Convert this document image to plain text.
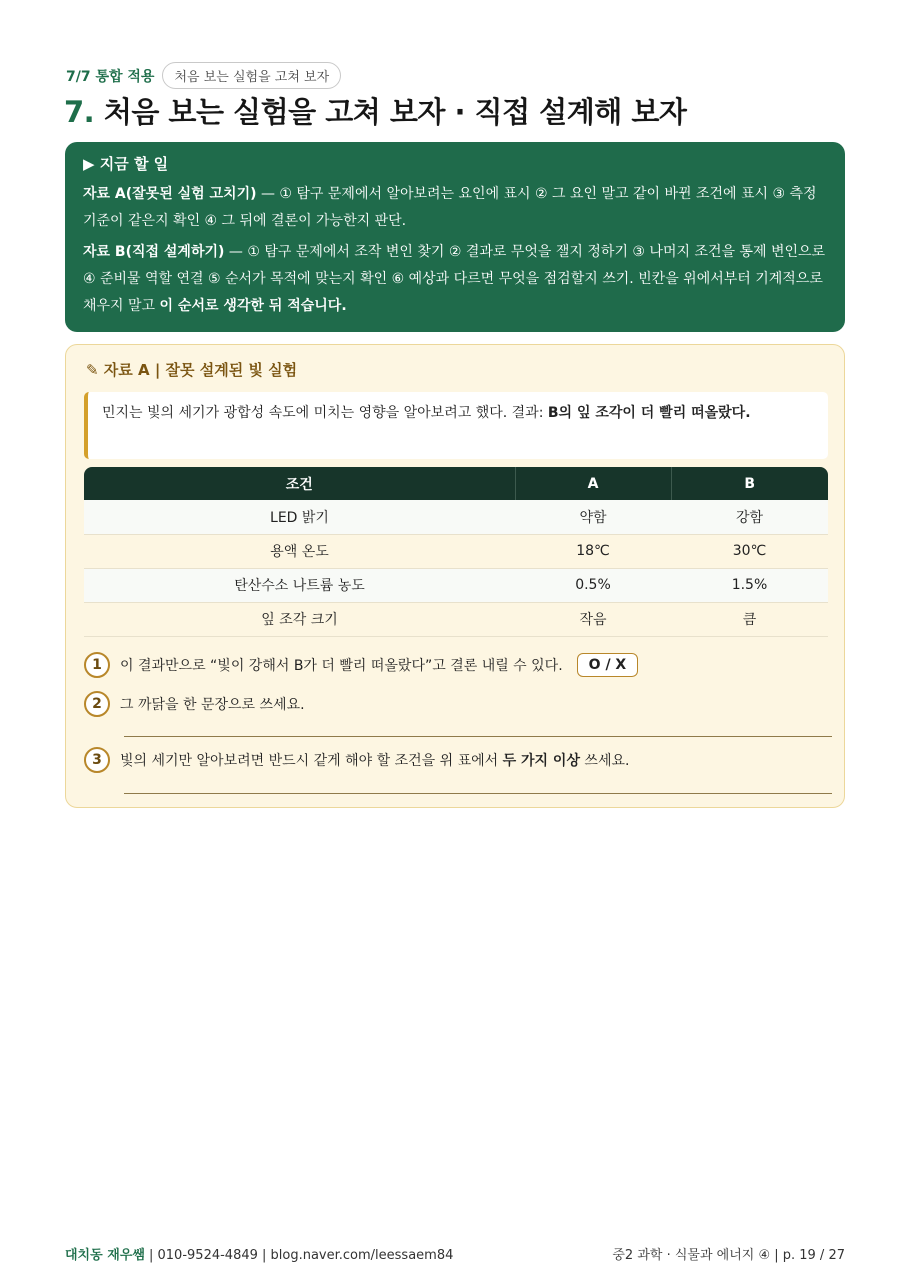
7/7 통합 적용	처음 보는 실험을 고쳐 보자
7. 처음 보는 실험을 고쳐 보자 · 직접 설계해 보자
▶ 지금 할 일

자료 A(잘못된 실험 고치기) — ① 탐구 문제에서 알아보려는 요인에 표시 ② 그 요인 말고 같이 바뀐 조건에 표시 ③ 측정 기준이 같은지 확인 ④ 그 뒤에 결론이 가능한지 판단.

자료 B(직접 설계하기) — ① 탐구 문제에서 조작 변인 찾기 ② 결과로 무엇을 잴지 정하기 ③ 나머지 조건을 통제 변인으로 ④ 준비물 역할 연결 ⑤ 순서가 목적에 맞는지 확인 ⑥ 예상과 다르면 무엇을 점검할지 쓰기. 빈칸을 위에서부터 기계적으로 채우지 말고 이 순서로 생각한 뒤 적습니다.

✎ 자료 A | 잘못 설계된 빛 실험
민지는 빛의 세기가 광합성 속도에 미치는 영향을 알아보려고 했다. 결과: B의 잎 조각이 더 빨리 떠올랐다.
조건	A	B
LED 밝기	약함	강함
용액 온도	18℃	30℃
탄산수소 나트륨 농도	0.5%	1.5%
잎 조각 크기	작음	큼
1	이 결과만으로 “빛이 강해서 B가 더 빨리 떠올랐다”고 결론 내릴 수 있다.	O / X
2	그 까닭을 한 문장으로 쓰세요.
3	빛의 세기만 알아보려면 반드시 같게 해야 할 조건을 위 표에서 두 가지 이상 쓰세요.
대치동 재우쌤 | 010-9524-4849 | blog.naver.com/leessaem84	중2 과학 · 식물과 에너지 ④ | p. 19 / 27
